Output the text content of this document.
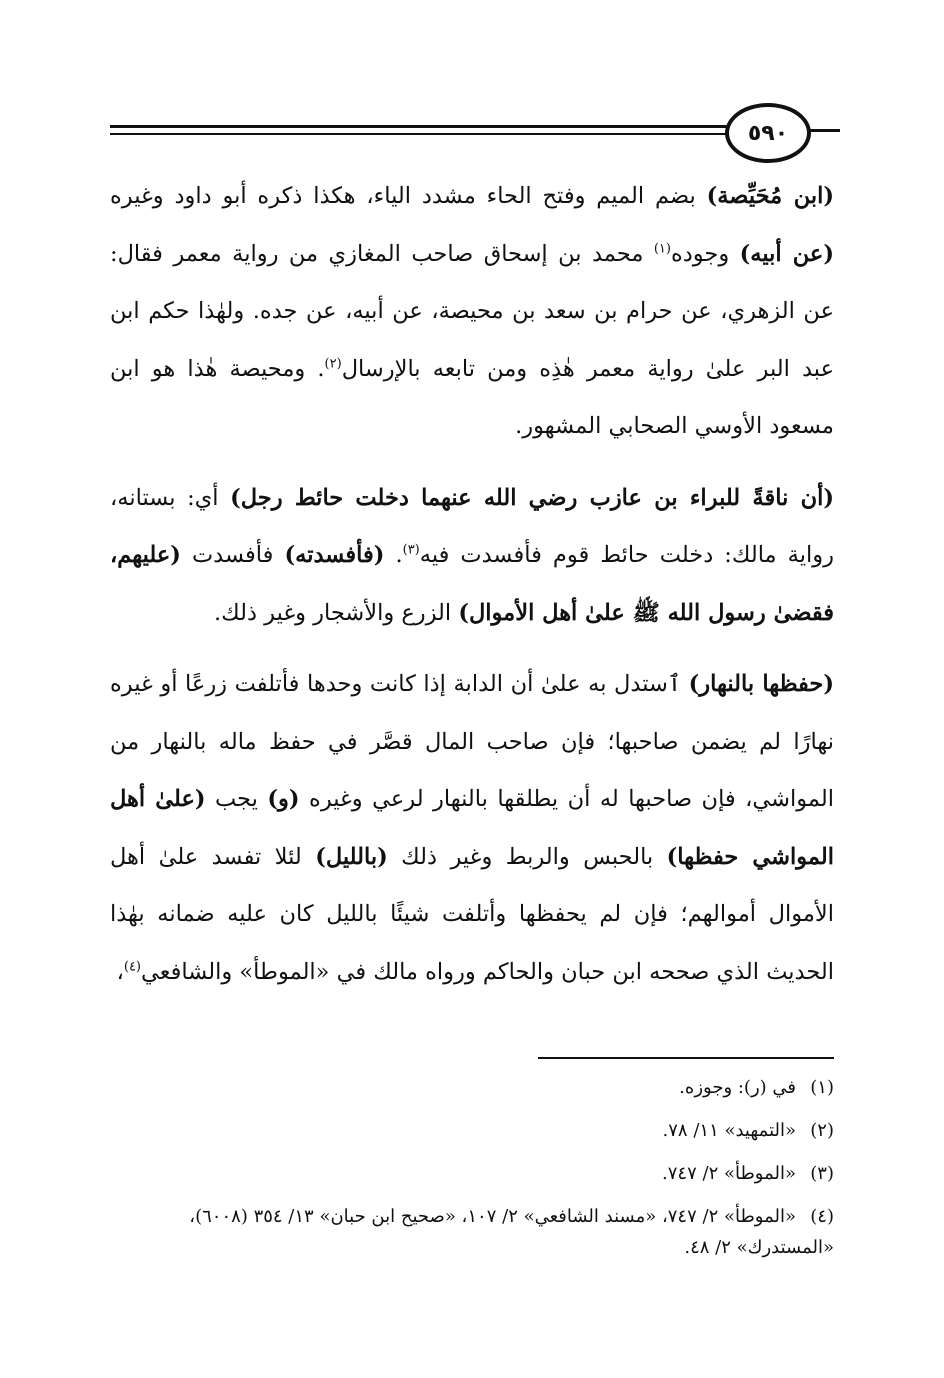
٥٩٠

(ابن مُحَيِّصة) بضم الميم وفتح الحاء مشدد الياء، هكذا ذكره أبو داود وغيره (عن أبيه) وجوده$^{(١)}$ محمد بن إسحاق صاحب المغازي من رواية معمر فقال: عن الزهري، عن حرام بن سعد بن محيصة، عن أبيه، عن جده. ولهٰذا حكم ابن عبد البر علىٰ رواية معمر هٰذِه ومن تابعه بالإرسال$^{(٢)}$. ومحيصة هٰذا هو ابن مسعود الأوسي الصحابي المشهور.

(أن ناقةً للبراء بن عازب رضي الله عنهما دخلت حائط رجل) أي: بستانه، رواية مالك: دخلت حائط قوم فأفسدت فيه$^{(٣)}$. (فأفسدته) فأفسدت (عليهم، فقضىٰ رسول الله ﷺ علىٰ أهل الأموال) الزرع والأشجار وغير ذلك.

(حفظها بالنهار) ٱستدل به علىٰ أن الدابة إذا كانت وحدها فأتلفت زرعًا أو غيره نهارًا لم يضمن صاحبها؛ فإن صاحب المال قصَّر في حفظ ماله بالنهار من المواشي، فإن صاحبها له أن يطلقها بالنهار لرعي وغيره (و) يجب (علىٰ أهل المواشي حفظها) بالحبس والربط وغير ذلك (بالليل) لئلا تفسد علىٰ أهل الأموال أموالهم؛ فإن لم يحفظها وأتلفت شيئًا بالليل كان عليه ضمانه بهٰذا الحديث الذي صححه ابن حبان والحاكم ورواه مالك في «الموطأ» والشافعي$^{(٤)}$،

(١)في (ر): وجوزه.
(٢)«التمهيد» ١١/ ٧٨.
(٣)«الموطأ» ٢/ ٧٤٧.
(٤)«الموطأ» ٢/ ٧٤٧، «مسند الشافعي» ٢/ ١٠٧، «صحيح ابن حبان» ١٣/ ٣٥٤ (٦٠٠٨)، «المستدرك» ٢/ ٤٨.
